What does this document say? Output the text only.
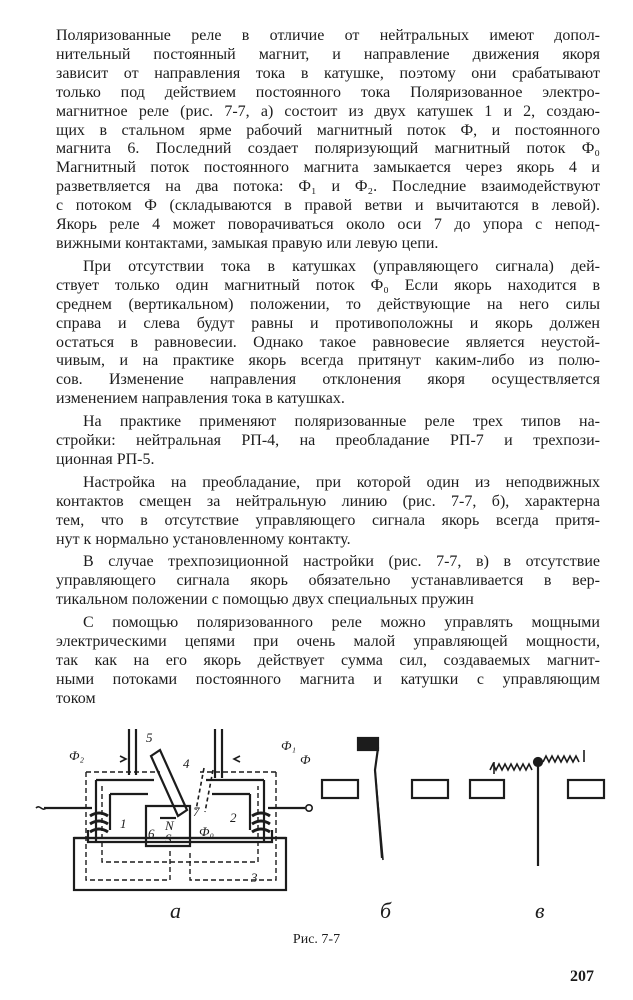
Поляризованные реле в отличие от нейтральных имеют допол-
нительный постоянный магнит, и направление движения якоря
зависит от направления тока в катушке, поэтому они срабатывают
только под действием постоянного тока Поляризованное электро-
магнитное реле (рис. 7-7, а) состоит из двух катушек 1 и 2, создаю-
щих в стальном ярме рабочий магнитный поток Ф, и постоянного
магнита 6. Последний создает поляризующий магнитный поток Ф₀
Магнитный поток постоянного магнита замыкается через якорь 4 и
разветвляется на два потока: Ф₁ и Ф₂. Последние взаимодействуют
с потоком Ф (складываются в правой ветви и вычитаются в левой).
Якорь реле 4 может поворачиваться около оси 7 до упора с непод-
вижными контактами, замыкая правую или левую цепи.

При отсутствии тока в катушках (управляющего сигнала) дей-
ствует только один магнитный поток Ф₀ Если якорь находится в
среднем (вертикальном) положении, то действующие на него силы
справа и слева будут равны и противоположны и якорь должен
остаться в равновесии. Однако такое равновесие является неустой-
чивым, и на практике якорь всегда притянут каким-либо из полю-
сов. Изменение направления отклонения якоря осуществляется
изменением направления тока в катушках.

На практике применяют поляризованные реле трех типов на-
стройки: нейтральная РП-4, на преобладание РП-7 и трехпози-
ционная РП-5.

Настройка на преобладание, при которой один из неподвижных
контактов смещен за нейтральную линию (рис. 7-7, б), характерна
тем, что в отсутствие управляющего сигнала якорь всегда притя-
нут к нормально установленному контакту.

В случае трехпозиционной настройки (рис. 7-7, в) в отсутствие
управляющего сигнала якорь обязательно устанавливается в вер-
тикальном положении с помощью двух специальных пружин

С помощью поляризованного реле можно управлять мощными
электрическими цепями при очень малой управляющей мощности,
так как на его якорь действует сумма сил, создаваемых магнит-
ными потоками постоянного магнита и катушки с управляющим
током

5
4
Ф₂
Ф₁
Ф
1	2
6
7
N
S Ф₀
3
а	б	в
Рис. 7-7
207
